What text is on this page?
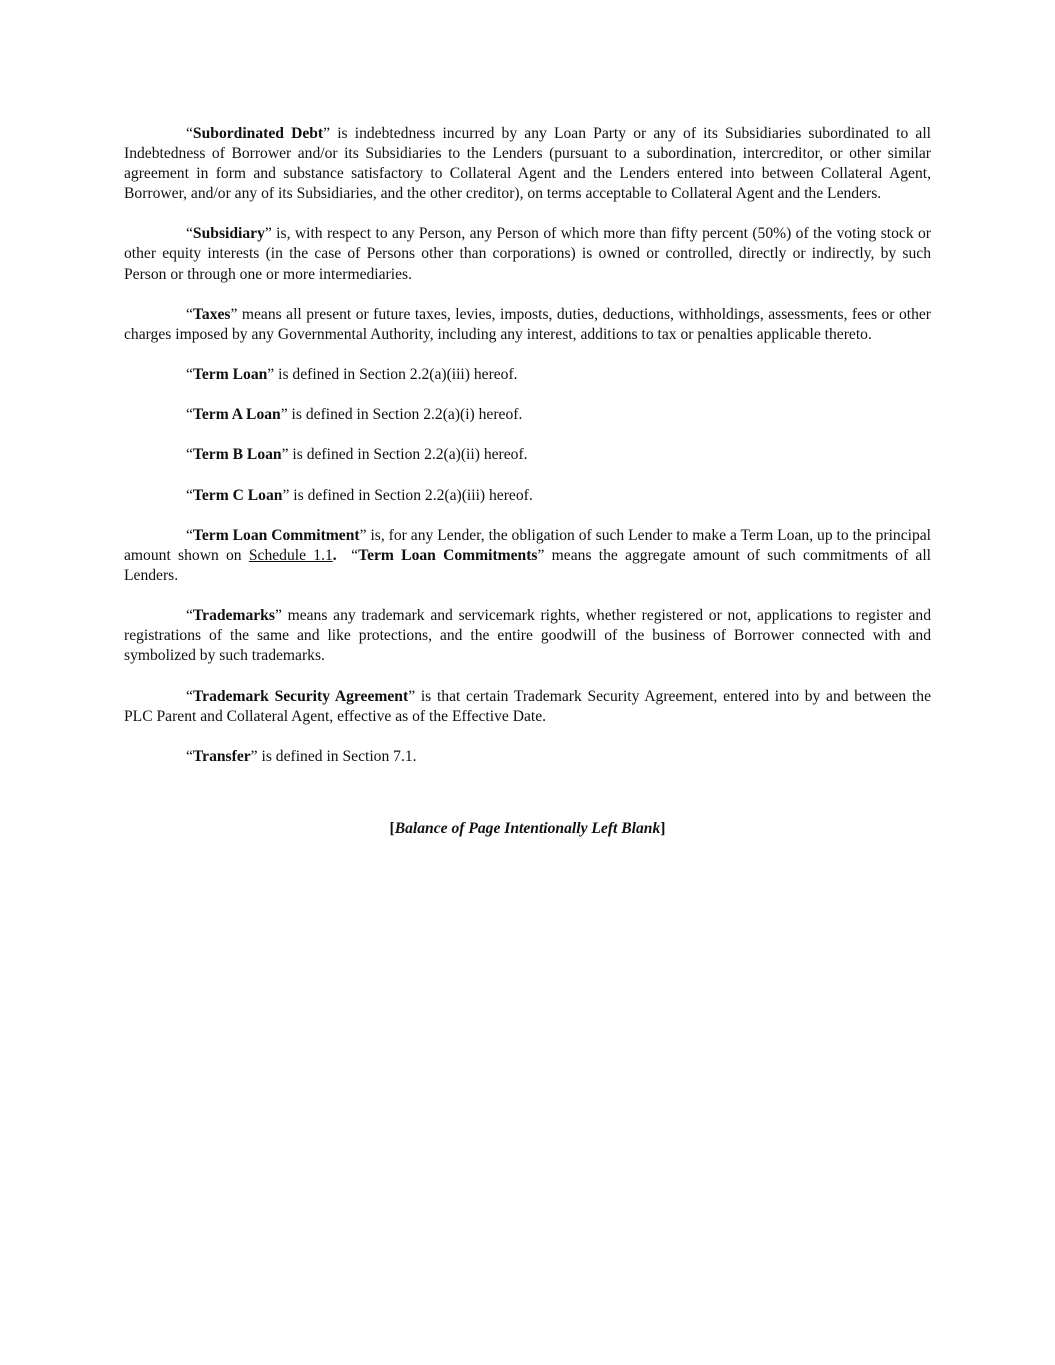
“Subordinated Debt” is indebtedness incurred by any Loan Party or any of its Subsidiaries subordinated to all Indebtedness of Borrower and/or its Subsidiaries to the Lenders (pursuant to a subordination, intercreditor, or other similar agreement in form and substance satisfactory to Collateral Agent and the Lenders entered into between Collateral Agent, Borrower, and/or any of its Subsidiaries, and the other creditor), on terms acceptable to Collateral Agent and the Lenders.

“Subsidiary” is, with respect to any Person, any Person of which more than fifty percent (50%) of the voting stock or other equity interests (in the case of Persons other than corporations) is owned or controlled, directly or indirectly, by such Person or through one or more intermediaries.

“Taxes” means all present or future taxes, levies, imposts, duties, deductions, withholdings, assessments, fees or other charges imposed by any Governmental Authority, including any interest, additions to tax or penalties applicable thereto.

“Term Loan” is defined in Section 2.2(a)(iii) hereof.

“Term A Loan” is defined in Section 2.2(a)(i) hereof.

“Term B Loan” is defined in Section 2.2(a)(ii) hereof.

“Term C Loan” is defined in Section 2.2(a)(iii) hereof.

“Term Loan Commitment” is, for any Lender, the obligation of such Lender to make a Term Loan, up to the principal amount shown on Schedule 1.1.  “Term Loan Commitments” means the aggregate amount of such commitments of all Lenders.

“Trademarks” means any trademark and servicemark rights, whether registered or not, applications to register and registrations of the same and like protections, and the entire goodwill of the business of Borrower connected with and symbolized by such trademarks.

“Trademark Security Agreement” is that certain Trademark Security Agreement, entered into by and between the PLC Parent and Collateral Agent, effective as of the Effective Date.

“Transfer” is defined in Section 7.1.

[Balance of Page Intentionally Left Blank]
